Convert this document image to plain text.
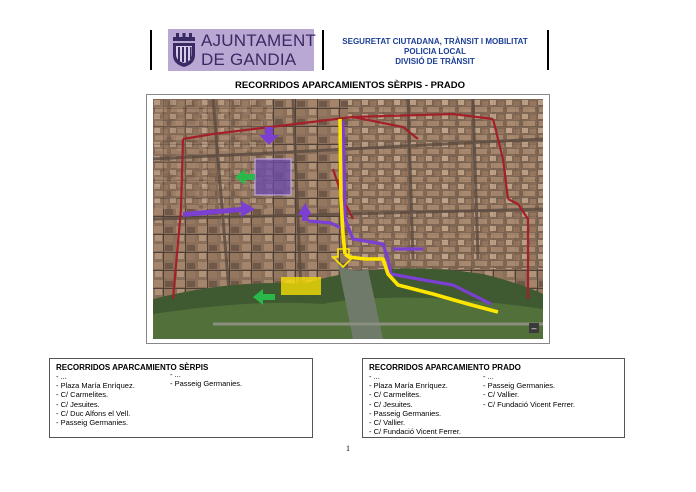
AJUNTAMENT
DE GANDIA
SEGURETAT CIUTADANA, TRÀNSIT I MOBILITAT
POLICIA LOCAL
DIVISIÓ DE TRÀNSIT
RECORRIDOS APARCAMIENTOS SÈRPIS - PRADO
–
RECORRIDOS APARCAMIENTO SÈRPIS
- ...
- Plaza María Enríquez.
- C/ Carmelites.
- C/ Jesuites.
- C/ Duc Alfons el Vell.
- Passeig Germanies.
- ...
- Passeig Germanies.
RECORRIDOS APARCAMIENTO PRADO
- ...
- Plaza María Enríquez.
- C/ Carmelites.
- C/ Jesuites.
- Passeig Germanies.
- C/ Vallier.
- C/ Fundació Vicent Ferrer.
- ...
- Passeig Germanies.
- C/ Vallier.
- C/ Fundació Vicent Ferrer.
1
